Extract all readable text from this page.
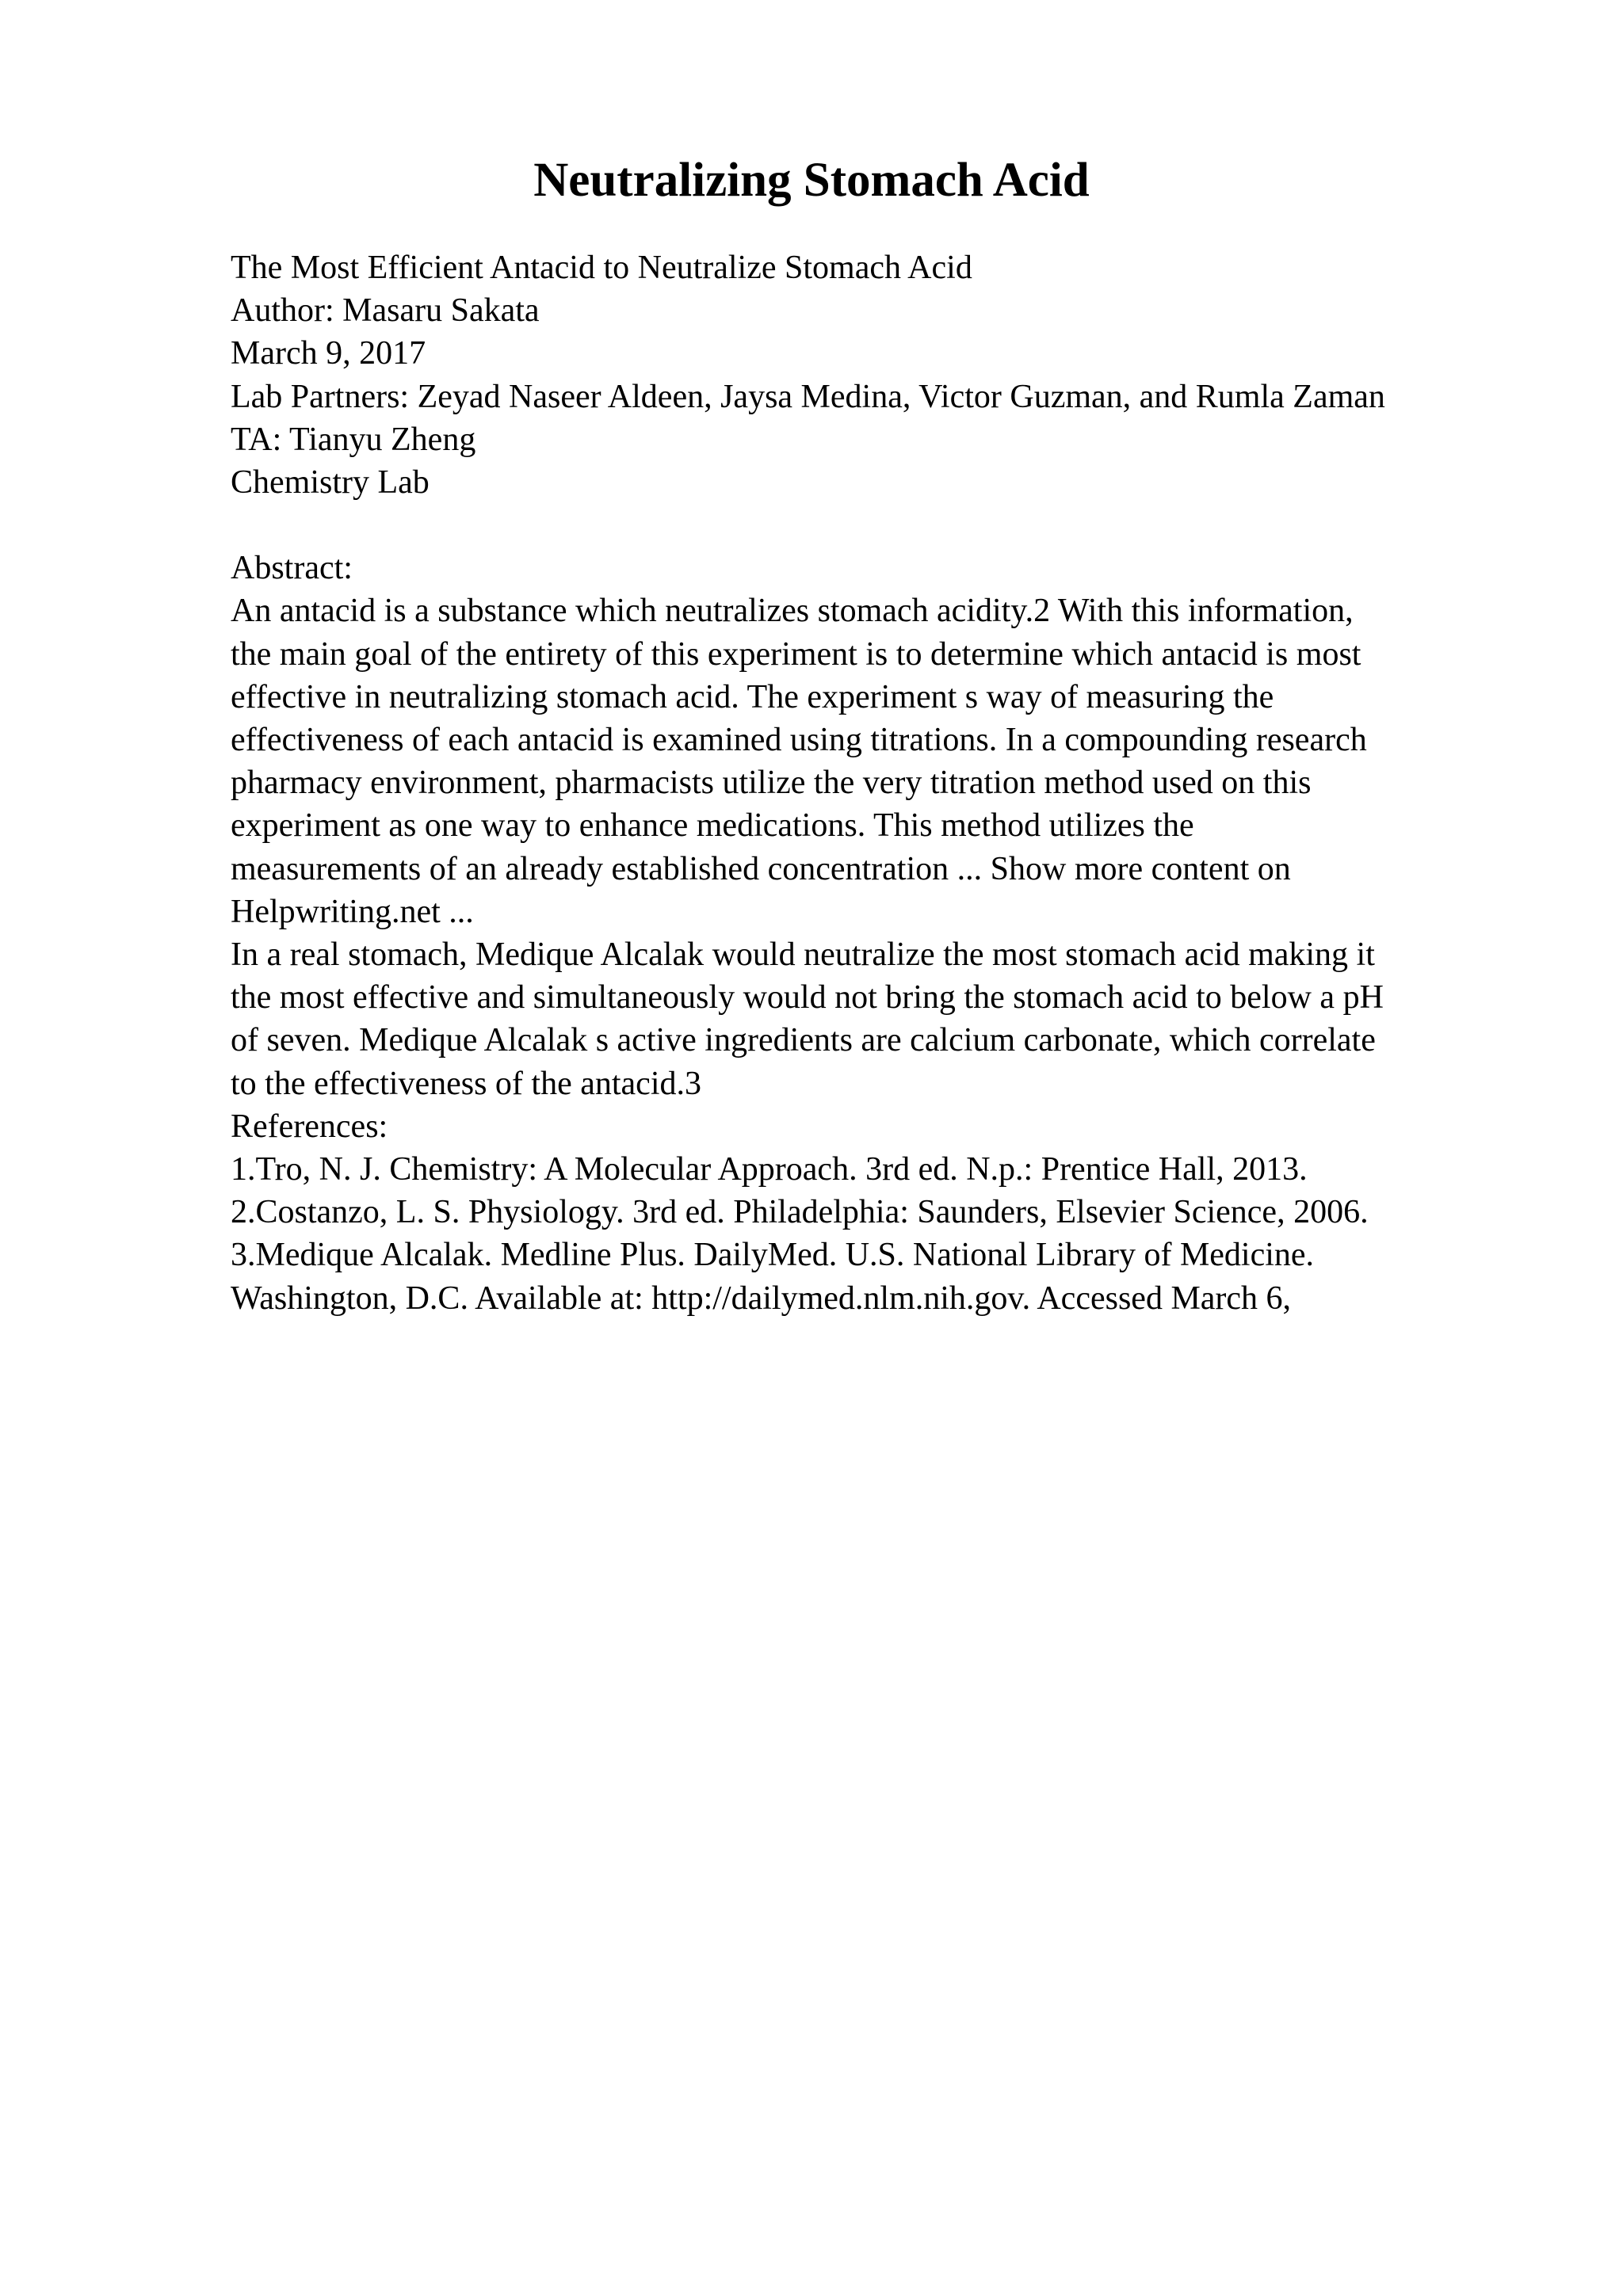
Neutralizing Stomach Acid
The Most Efficient Antacid to Neutralize Stomach Acid
Author: Masaru Sakata
March 9, 2017
Lab Partners: Zeyad Naseer Aldeen, Jaysa Medina, Victor Guzman, and Rumla Zaman
TA: Tianyu Zheng
Chemistry Lab
Abstract:
An antacid is a substance which neutralizes stomach acidity.2 With this information,
the main goal of the entirety of this experiment is to determine which antacid is most
effective in neutralizing stomach acid. The experiment s way of measuring the
effectiveness of each antacid is examined using titrations. In a compounding research
pharmacy environment, pharmacists utilize the very titration method used on this
experiment as one way to enhance medications. This method utilizes the
measurements of an already established concentration ... Show more content on
Helpwriting.net ...
In a real stomach, Medique Alcalak would neutralize the most stomach acid making it
the most effective and simultaneously would not bring the stomach acid to below a pH
of seven. Medique Alcalak s active ingredients are calcium carbonate, which correlate
to the effectiveness of the antacid.3
References:
1.Tro, N. J. Chemistry: A Molecular Approach. 3rd ed. N.p.: Prentice Hall, 2013.
2.Costanzo, L. S. Physiology. 3rd ed. Philadelphia: Saunders, Elsevier Science, 2006.
3.Medique Alcalak. Medline Plus. DailyMed. U.S. National Library of Medicine.
Washington, D.C. Available at: http://dailymed.nlm.nih.gov. Accessed March 6,
